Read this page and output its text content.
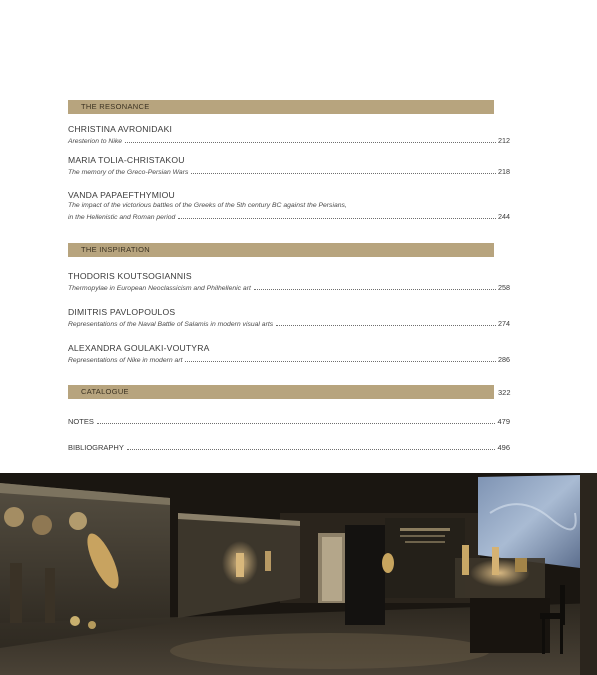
THE RESONANCE
CHRISTINA AVRONIDAKI
Aresterion to Nike	212
MARIA TOLIA-CHRISTAKOU
The memory of the Greco-Persian Wars	218
VANDA PAPAEFTHYMIOU
The impact of the victorious battles of the Greeks of the 5th century BC against the Persians,
in the Hellenistic and Roman period	244
THE INSPIRATION
THODORIS KOUTSOGIANNIS
Thermopylae in European Neoclassicism and Philhellenic art	258
DIMITRIS PAVLOPOULOS
Representations of the Naval Battle of Salamis in modern visual arts	274
ALEXANDRA GOULAKI-VOUTYRA
Representations of Nike in modern art	286
CATALOGUE	322
NOTES	479
BIBLIOGRAPHY	496
